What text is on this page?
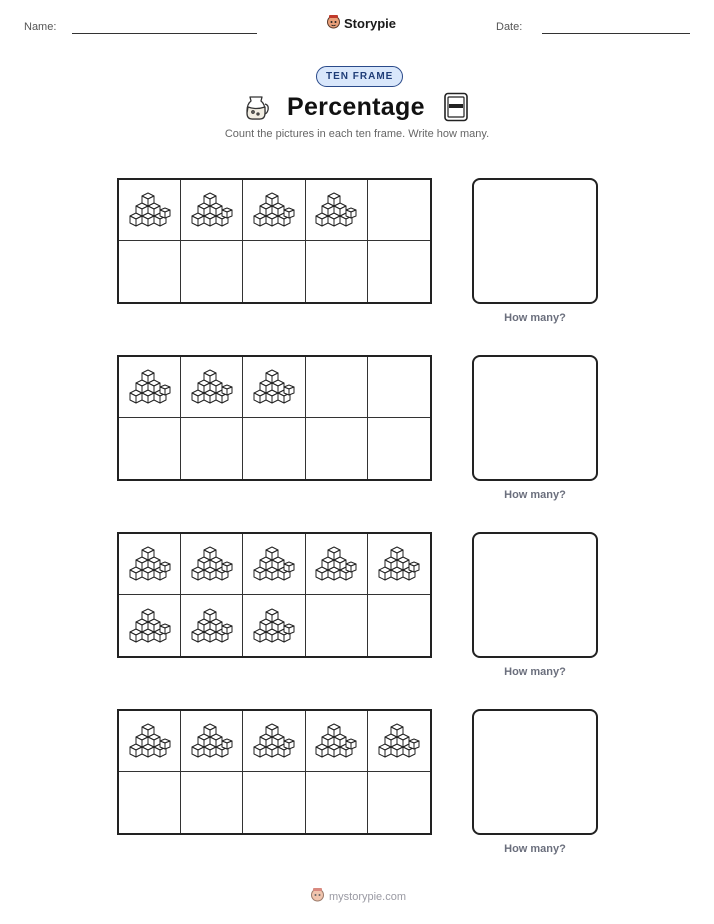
Name:	Storypie	Date:
TEN FRAME
Percentage
Count the pictures in each ten frame. Write how many.
How many?
How many?
How many?
How many?
mystorypie.com
